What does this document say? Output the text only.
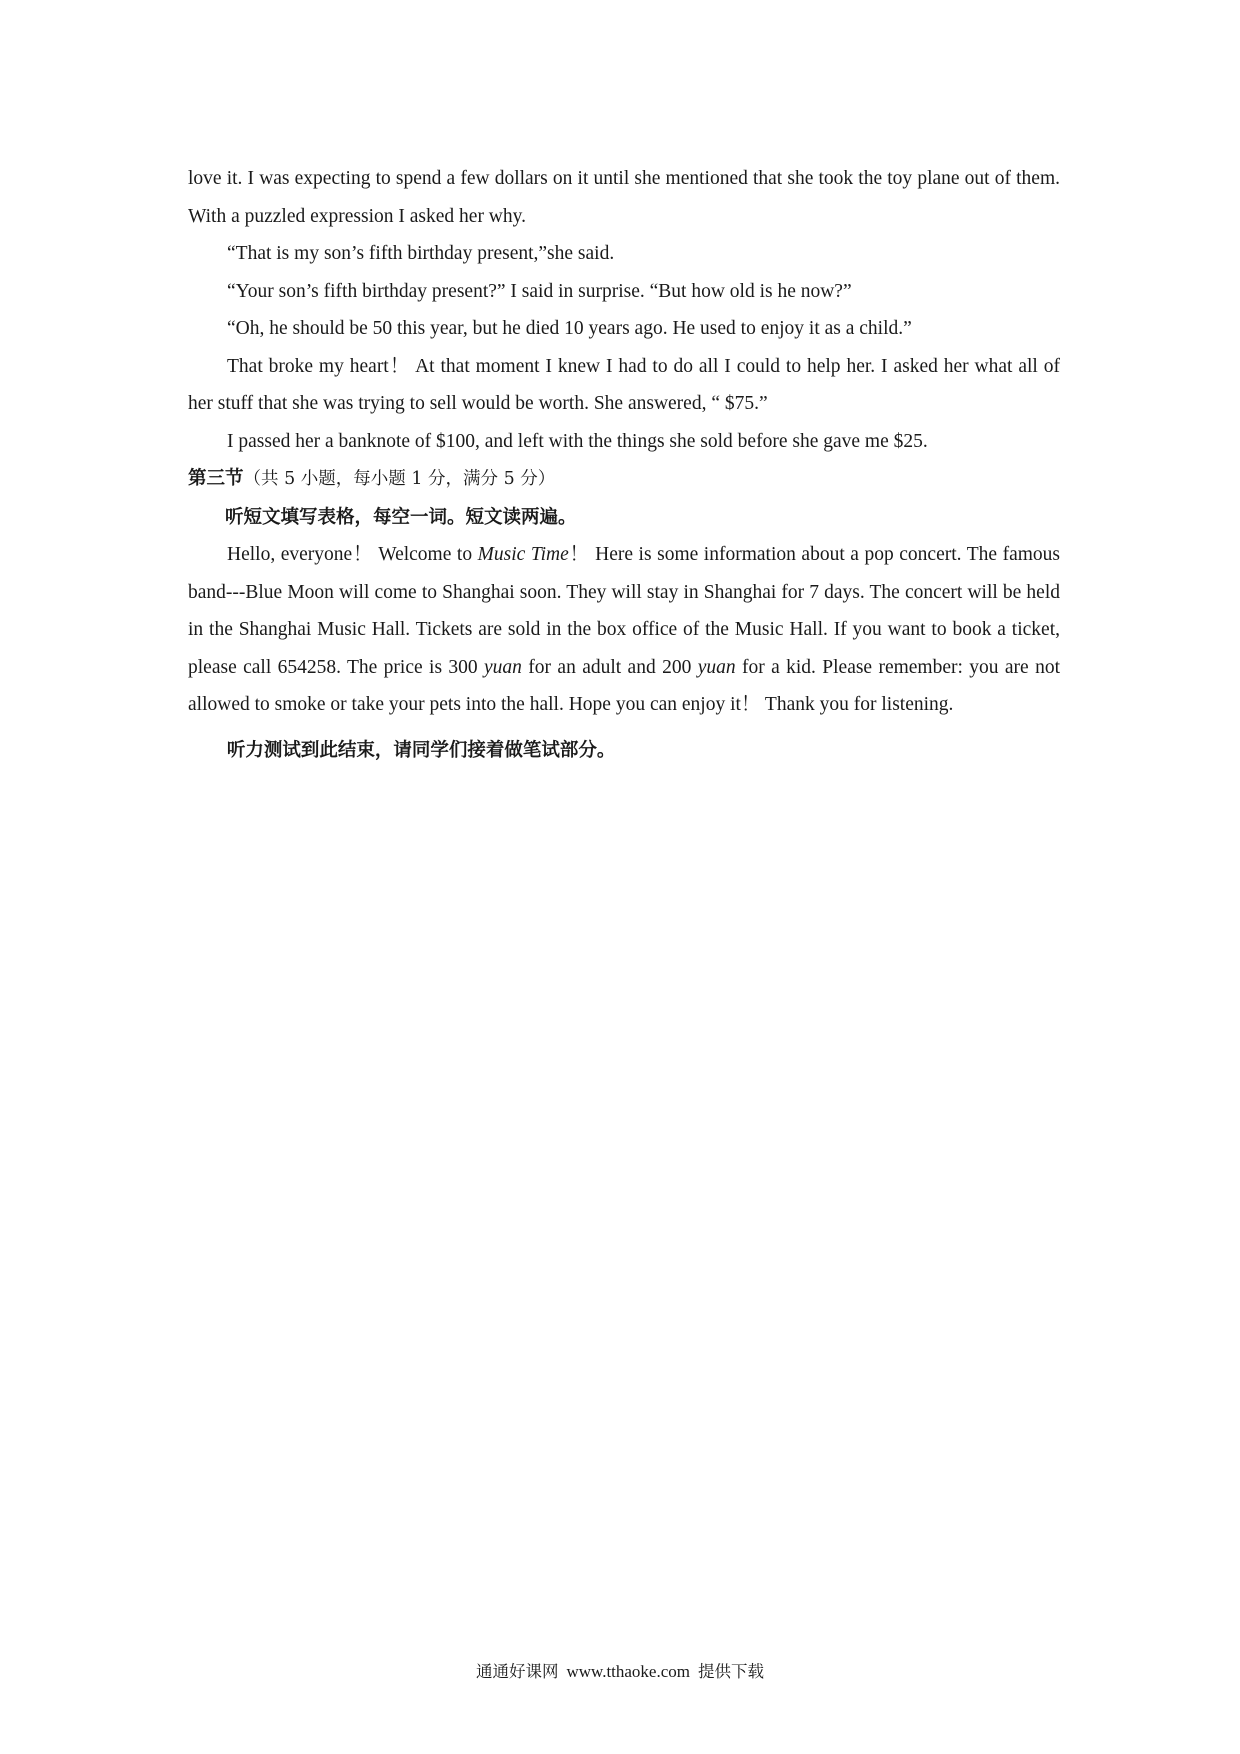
love it. I was expecting to spend a few dollars on it until she mentioned that she took the toy plane out of them. With a puzzled expression I asked her why.

“That is my son’s fifth birthday present,”she said.

“Your son’s fifth birthday present?” I said in surprise. “But how old is he now?”

“Oh, he should be 50 this year, but he died 10 years ago. He used to enjoy it as a child.”

That broke my heart！ At that moment I knew I had to do all I could to help her. I asked her what all of her stuff that she was trying to sell would be worth. She answered, “ $75.”

I passed her a banknote of $100, and left with the things she sold before she gave me $25.

第三节（共 5 小题，每小题 1 分，满分 5 分）

听短文填写表格，每空一词。短文读两遍。

Hello, everyone！ Welcome to Music Time！ Here is some information about a pop concert. The famous band---Blue Moon will come to Shanghai soon. They will stay in Shanghai for 7 days. The concert will be held in the Shanghai Music Hall. Tickets are sold in the box office of the Music Hall. If you want to book a ticket, please call 654258. The price is 300 yuan for an adult and 200 yuan for a kid. Please remember: you are not allowed to smoke or take your pets into the hall. Hope you can enjoy it！ Thank you for listening.

听力测试到此结束，请同学们接着做笔试部分。

通通好课网 www.tthaoke.com 提供下载
